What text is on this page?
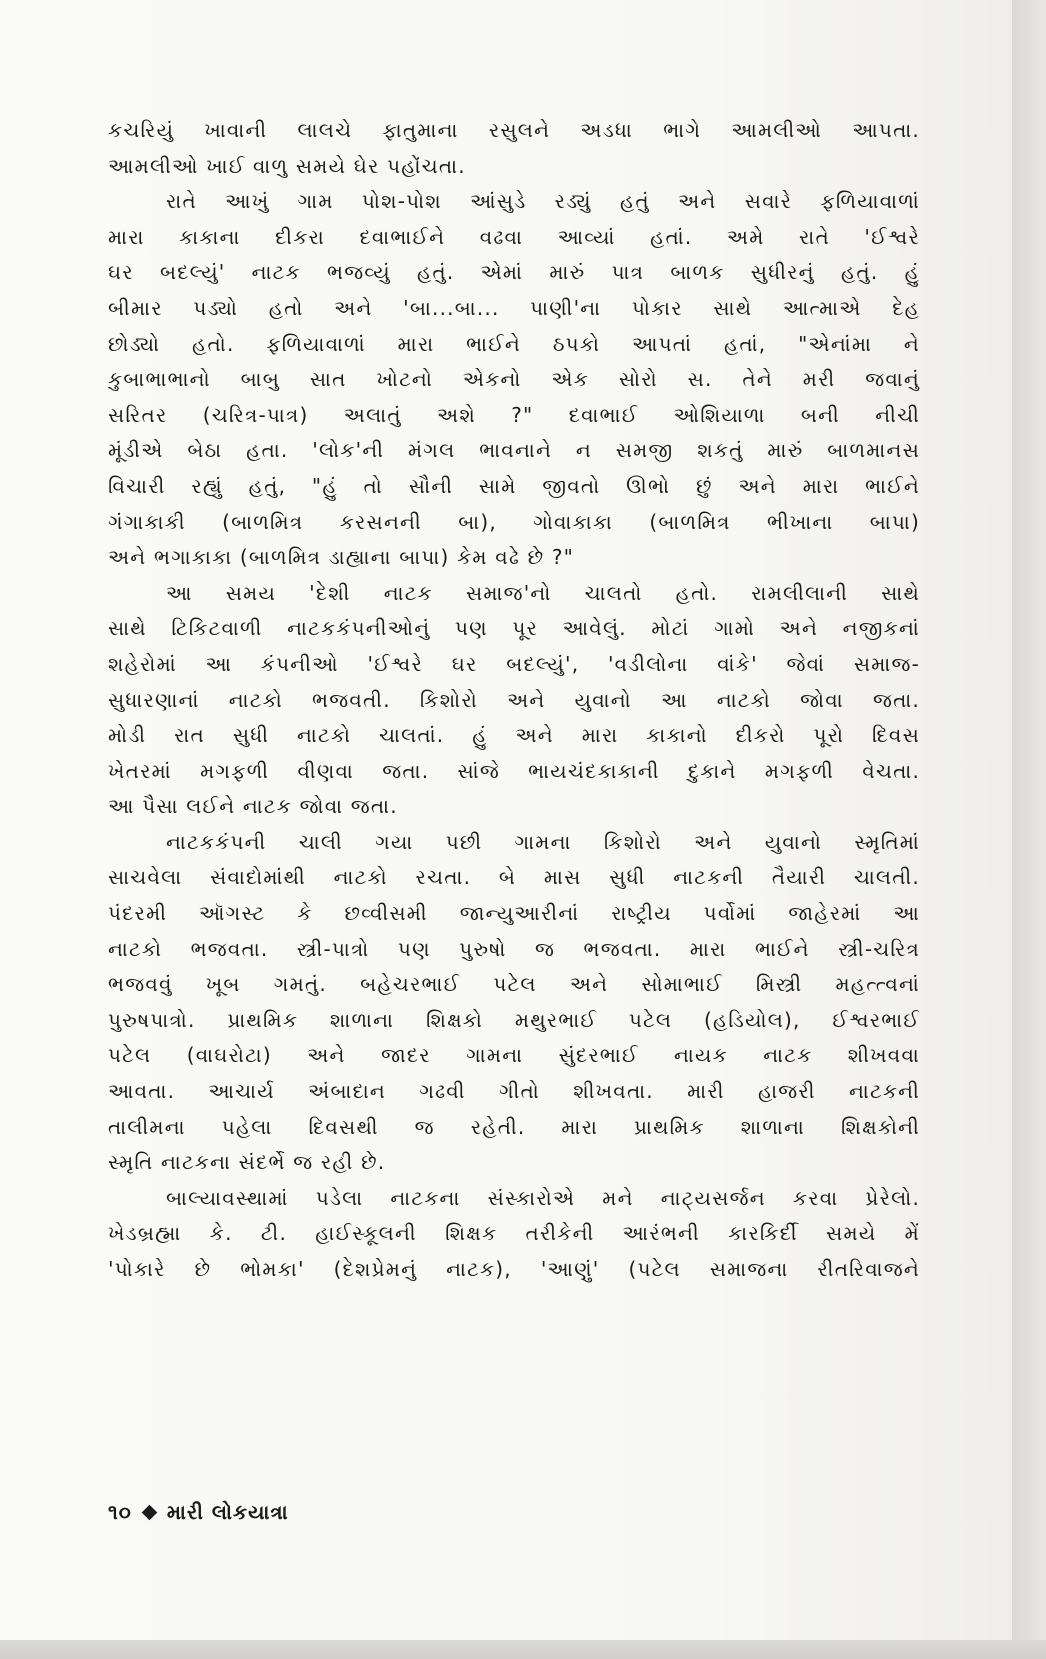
કચરિયું ખાવાની લાલચે ફાતુમાના રસુલને અડધા ભાગે આમલીઓ આપતા.
આમલીઓ ખાઈ વાળુ સમયે ઘેર પહોંચતા.
રાતે આખું ગામ પોશ-પોશ આંસુડે રડ્યું હતું અને સવારે ફળિયાવાળાં
મારા કાકાના દીકરા દવાભાઈને વઢવા આવ્યાં હતાં. અમે રાતે 'ઈશ્વરે
ઘર બદલ્યું' નાટક ભજવ્યું હતું. એમાં મારું પાત્ર બાળક સુધીરનું હતું. હું
બીમાર પડ્યો હતો અને 'બા...બા... પાણી'ના પોકાર સાથે આત્માએ દેહ
છોડ્યો હતો. ફળિયાવાળાં મારા ભાઈને ઠપકો આપતાં હતાં, "એનાંમા ને
કુબાભાભાનો બાબુ સાત ખોટનો એકનો એક સોરો સ. તેને મરી જવાનું
સરિતર (ચરિત્ર-પાત્ર) અલાતું અશે ?" દવાભાઈ ઓશિયાળા બની નીચી
મૂંડીએ બેઠા હતા. 'લોક'ની મંગલ ભાવનાને ન સમજી શકતું મારું બાળમાનસ
વિચારી રહ્યું હતું, "હું તો સૌની સામે જીવતો ઊભો છું અને મારા ભાઈને
ગંગાકાકી (બાળમિત્ર કરસનની બા), ગોવાકાકા (બાળમિત્ર ભીખાના બાપા)
અને ભગાકાકા (બાળમિત્ર ડાહ્યાના બાપા) કેમ વઢે છે ?"
આ સમય 'દેશી નાટક સમાજ'નો ચાલતો હતો. રામલીલાની સાથે
સાથે ટિકિટવાળી નાટકકંપનીઓનું પણ પૂર આવેલું. મોટાં ગામો અને નજીકનાં
શહેરોમાં આ કંપનીઓ 'ઈશ્વરે ઘર બદલ્યું', 'વડીલોના વાંકે' જેવાં સમાજ-
સુધારણાનાં નાટકો ભજવતી. કિશોરો અને યુવાનો આ નાટકો જોવા જતા.
મોડી રાત સુધી નાટકો ચાલતાં. હું અને મારા કાકાનો દીકરો પૂરો દિવસ
ખેતરમાં મગફળી વીણવા જતા. સાંજે ભાયચંદકાકાની દુકાને મગફળી વેચતા.
આ પૈસા લઈને નાટક જોવા જતા.
નાટકકંપની ચાલી ગયા પછી ગામના કિશોરો અને યુવાનો સ્મૃતિમાં
સાચવેલા સંવાદોમાંથી નાટકો રચતા. બે માસ સુધી નાટકની તૈયારી ચાલતી.
પંદરમી ઑગસ્ટ કે છવ્વીસમી જાન્યુઆરીનાં રાષ્ટ્રીય પર્વોમાં જાહેરમાં આ
નાટકો ભજવતા. સ્ત્રી-પાત્રો પણ પુરુષો જ ભજવતા. મારા ભાઈને સ્ત્રી-ચરિત્ર
ભજવવું ખૂબ ગમતું. બહેચરભાઈ પટેલ અને સોમાભાઈ મિસ્ત્રી મહત્ત્વનાં
પુરુષપાત્રો. પ્રાથમિક શાળાના શિક્ષકો મથુરભાઈ પટેલ (હડિયોલ), ઈશ્વરભાઈ
પટેલ (વાઘરોટા) અને જાદર ગામના સુંદરભાઈ નાયક નાટક શીખવવા
આવતા. આચાર્ય અંબાદાન ગઢવી ગીતો શીખવતા. મારી હાજરી નાટકની
તાલીમના પહેલા દિવસથી જ રહેતી. મારા પ્રાથમિક શાળાના શિક્ષકોની
સ્મૃતિ નાટકના સંદર્ભે જ રહી છે.
બાલ્યાવસ્થામાં પડેલા નાટકના સંસ્કારોએ મને નાટ્યસર્જન કરવા પ્રેરેલો.
ખેડબ્રહ્મા કે. ટી. હાઈસ્કૂલની શિક્ષક તરીકેની આરંભની કારકિર્દી સમયે મેં
'પોકારે છે ભોમકા' (દેશપ્રેમનું નાટક), 'આણું' (પટેલ સમાજના રીતરિવાજને
૧૦ મારી લોકયાત્રા
